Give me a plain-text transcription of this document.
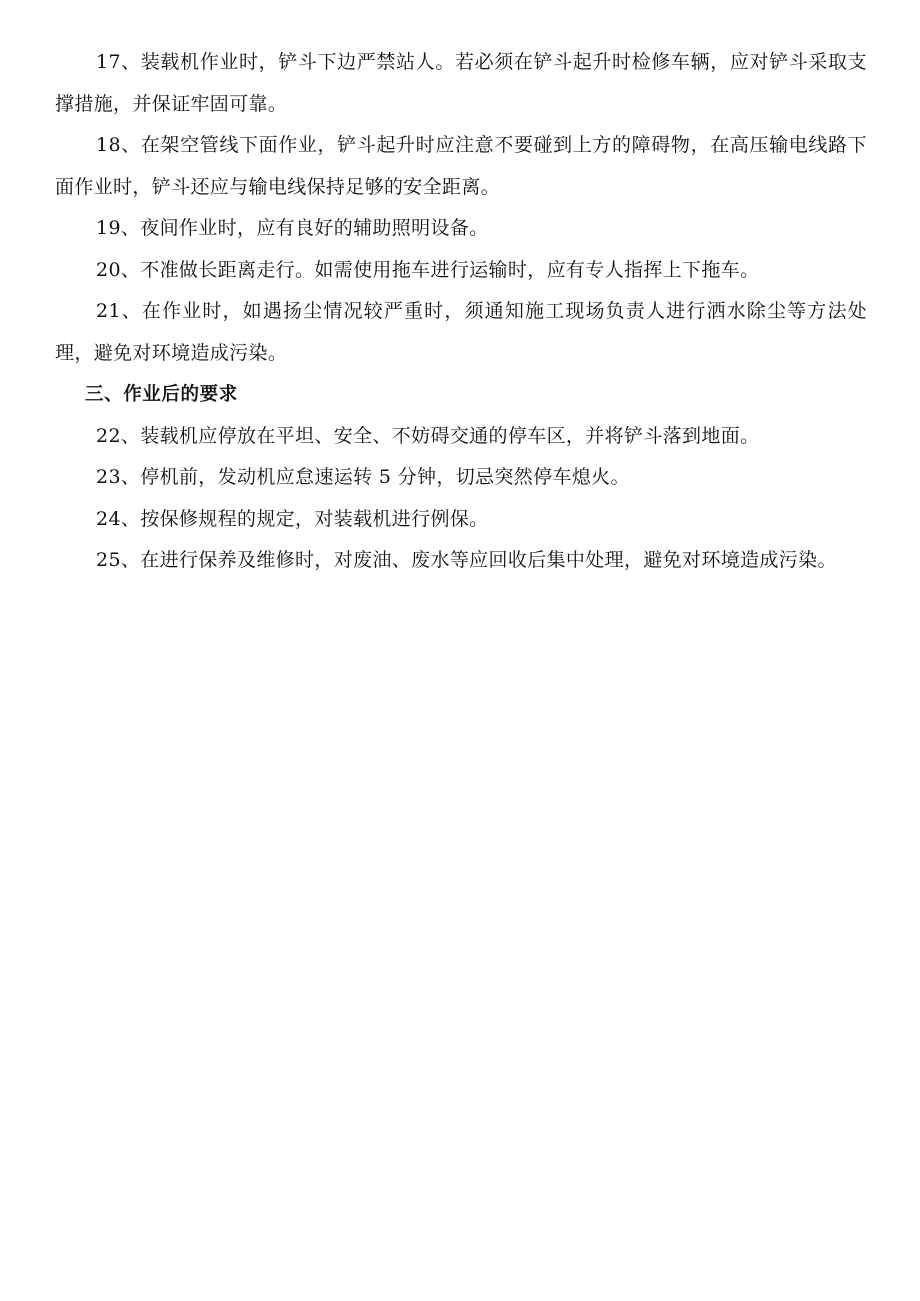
17、装载机作业时，铲斗下边严禁站人。若必须在铲斗起升时检修车辆，应对铲斗采取支撑措施，并保证牢固可靠。

18、在架空管线下面作业，铲斗起升时应注意不要碰到上方的障碍物，在高压输电线路下面作业时，铲斗还应与输电线保持足够的安全距离。

19、夜间作业时，应有良好的辅助照明设备。

20、不准做长距离走行。如需使用拖车进行运输时，应有专人指挥上下拖车。

21、在作业时，如遇扬尘情况较严重时，须通知施工现场负责人进行洒水除尘等方法处理，避免对环境造成污染。

三、作业后的要求

22、装载机应停放在平坦、安全、不妨碍交通的停车区，并将铲斗落到地面。

23、停机前，发动机应怠速运转 5 分钟，切忌突然停车熄火。

24、按保修规程的规定，对装载机进行例保。

25、在进行保养及维修时，对废油、废水等应回收后集中处理，避免对环境造成污染。
